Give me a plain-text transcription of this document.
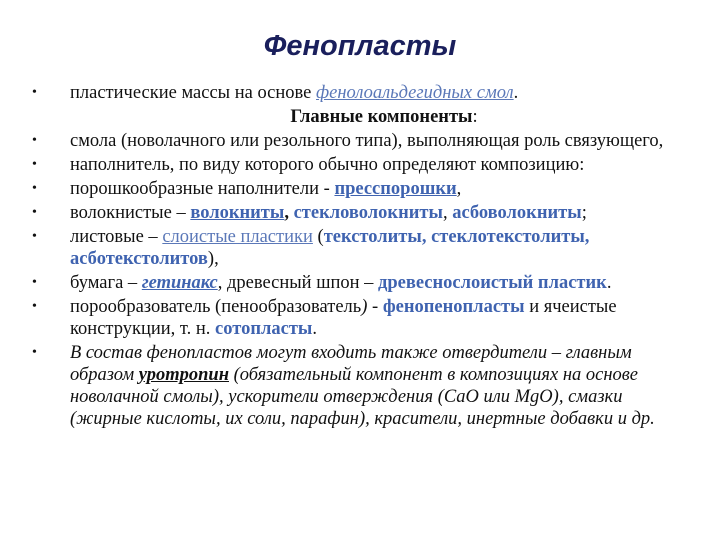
Фенопласты
• пластические массы на основе фенолоальдегидных смол.
Главные компоненты:
• смола (новолачного или резольного типа), выполняющая роль связующего,
• наполнитель, по виду которого обычно определяют композицию:
• порошкообразные наполнители - пресспорошки,
• волокнистые – волокниты, стекловолокниты, асбоволокниты;
• листовые – слоистые пластики (текстолиты, стеклотекстолиты, асботекстолитов),
• бумага – гетинакс, древесный шпон – древеснослоистый пластик.
• порообразователь (пенообразователь) - фенопенопласты и ячеистые конструкции, т. н. сотопласты.
• В состав фенопластов могут входить также отвердители – главным образом уротропин (обязательный компонент в композициях на основе новолачной смолы), ускорители отверждения (CaO или MgO), смазки (жирные кислоты, их соли, парафин), красители, инертные добавки и др.
